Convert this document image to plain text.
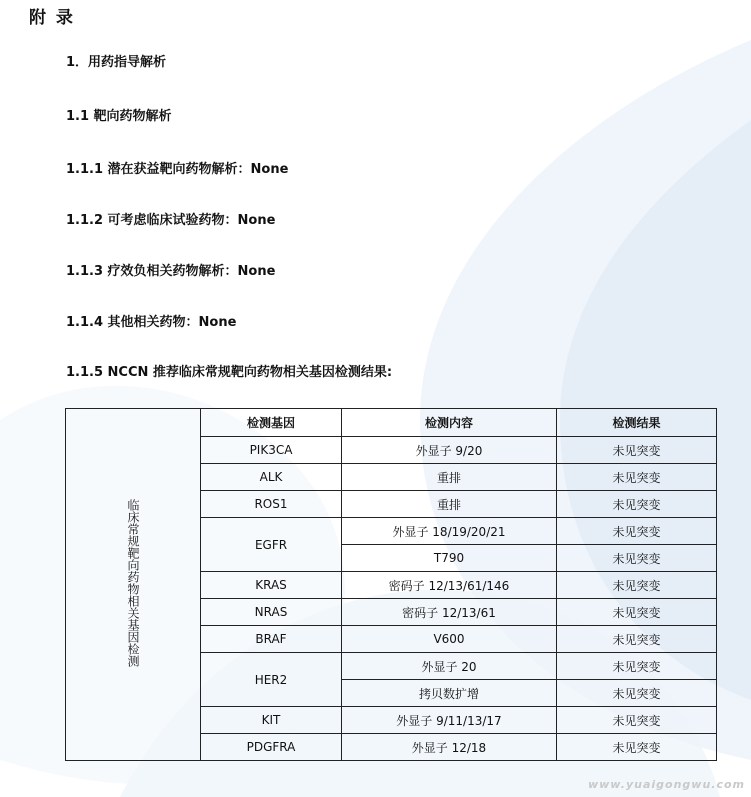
附 录
1．用药指导解析
1.1 靶向药物解析
1.1.1 潜在获益靶向药物解析：None
1.1.2 可考虑临床试验药物：None
1.1.3 疗效负相关药物解析：None
1.1.4 其他相关药物：None
1.1.5 NCCN 推荐临床常规靶向药物相关基因检测结果:
临床常规靶向药物相关基因检测	检测基因	检测内容	检测结果
	PIK3CA	外显子 9/20	未见突变
	ALK	重排	未见突变
	ROS1	重排	未见突变
	EGFR	外显子 18/19/20/21	未见突变
		T790	未见突变
	KRAS	密码子 12/13/61/146	未见突变
	NRAS	密码子 12/13/61	未见突变
	BRAF	V600	未见突变
	HER2	外显子 20	未见突变
		拷贝数扩增	未见突变
	KIT	外显子 9/11/13/17	未见突变
	PDGFRA	外显子 12/18	未见突变
www.yuaigongwu.com
